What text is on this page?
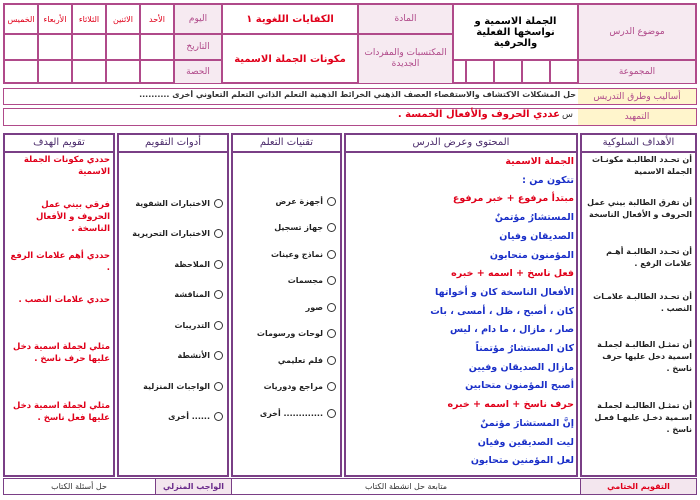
موضوع الدرس
الجملة الاسمية و نواسخها الفعلية والحرفية
المادة
الكفايات اللغوية ١
اليوم
التاريخ
الحصة
الأحد
الاثنين
الثلاثاء
الأربعاء
الخميس
المكتسبات والمفردات الجديدة
مكونات الجملة الاسمية
المجموعة
أساليب وطرق التدريس
حل المشكلات الاكتشاف والاستقصاء العصف الذهني الخرائط الذهنية التعلم الذاتي التعلم التعاوني أخرى ..........
التمهيد
س
عددي الحروف والأفعال الخمسة .
الأهداف السلوكية
أن تحـدد الطالبـة مكونـات الجملة الاسمية
أن تفرق الطالبة بيني عمل الحروف و الأفعال الناسخة
أن تحـدد الطالبـة أهـم علامات الرفع .
أن تحـدد الطالبـة علامـات النصب .
أن تمثـل الطالبـة لجملـة اسمية دخل عليها حرف ناسخ .
أن تمثـل الطالبـة لجملـة اسـمية دخـل عليهـا فعـل ناسخ .
المحتوى وعرض الدرس
الجملة الاسمية
تتكون من :
مبتدأ مرفوع + خبر مرفوع
المستشارُ مؤتمنٌ
الصديقان وفيان
المؤمنون متحابون
فعل ناسخ + اسمه + خبره
الأفعال الناسخة كان و أخواتها
كان ، أصبح ، ظل ، أمسى ، بات
صار ، مازال ، ما دام ، ليس
كان المستشارُ مؤتمناً
مازال الصديقان وفيين
أصبح المؤمنون متحابين
حرف ناسخ + اسمه + خبره
إنَّ المستشارَ مؤتمنٌ
ليت الصديقين وفيان
لعل المؤمنين متحابون
تقنيات التعلم
أجهزة عرض
جهاز تسجيل
نماذج وعينات
مجسمات
صور
لوحات ورسومات
فلم تعليمي
مراجع ودوريات
أخرى .............
أدوات التقويم
الاختبارات الشفوية
الاختبارات التحريرية
الملاحظة
المناقشة
التدريبات
الأنشطة
الواجبات المنزلية
أخرى ......
تقويم الهدف
حددي مكونات الجملة الاسمية
فرقي بيني عمل الحروف و الأفعال الناسخة .
حددي أهم علامات الرفع .
حددي علامات النصب .
مثلي لجملة اسمية دخل عليها حرف ناسخ .
مثلي لجملة اسمية دخل عليها فعل ناسخ .
التقويم الختامي
متابعة حل انشطة الكتاب
الواجب المنزلي
حل أسئلة الكتاب
